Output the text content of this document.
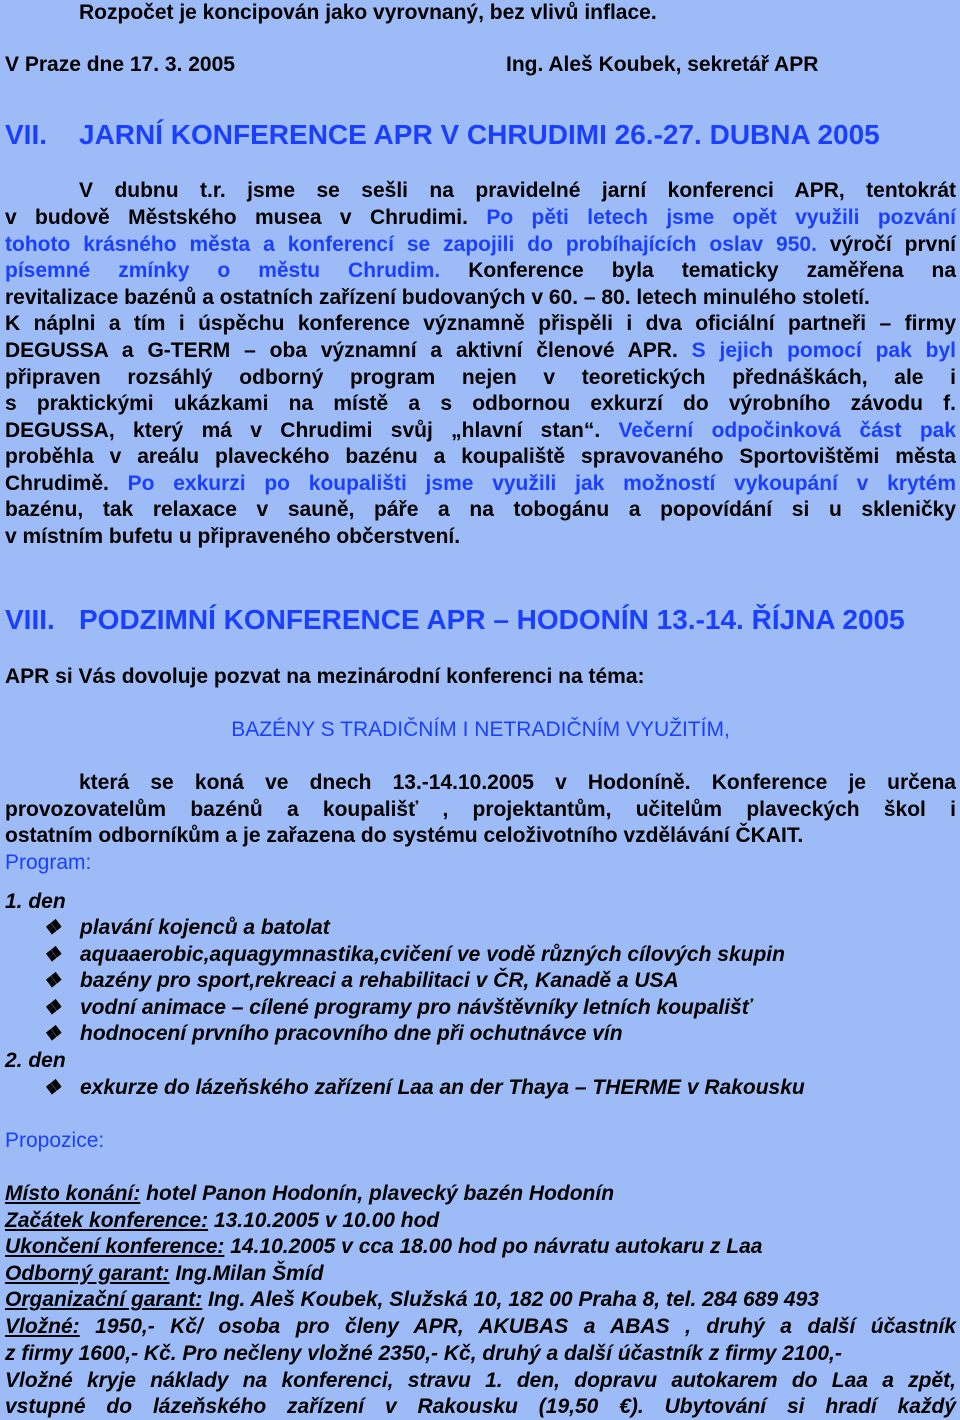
Rozpočet je koncipován jako vyrovnaný, bez vlivů inflace.
V Praze dne 17. 3. 2005	Ing. Aleš Koubek, sekretář APR
VII. JARNÍ KONFERENCE APR V CHRUDIMI 26.-27. DUBNA 2005
V dubnu t.r. jsme se sešli na pravidelné jarní konferenci APR, tentokrát
v budově Městského musea v Chrudimi. Po pěti letech jsme opět využili pozvání
tohoto krásného města a konferencí se zapojili do probíhajících oslav 950. výročí první
písemné zmínky o městu Chrudim. Konference byla tematicky zaměřena na
revitalizace bazénů a ostatních zařízení budovaných v 60. – 80. letech minulého století.
K náplni a tím i úspěchu konference významně přispěli i dva oficiální partneři – firmy
DEGUSSA a G-TERM – oba významní a aktivní členové APR. S jejich pomocí pak byl
připraven rozsáhlý odborný program nejen v teoretických přednáškách, ale i
s praktickými ukázkami na místě a s odbornou exkurzí do výrobního závodu f.
DEGUSSA, který má v Chrudimi svůj „hlavní stan“. Večerní odpočinková část pak
proběhla v areálu plaveckého bazénu a koupaliště spravovaného Sportovištěmi města
Chrudimě. Po exkurzi po koupališti jsme využili jak možností vykoupání v krytém
bazénu, tak relaxace v sauně, páře a na tobogánu a popovídání si u skleničky
v místním bufetu u připraveného občerstvení.
VIII. PODZIMNÍ KONFERENCE APR – HODONÍN 13.-14. ŘÍJNA 2005
APR si Vás dovoluje pozvat na mezinárodní konferenci na téma:
BAZÉNY S TRADIČNÍM I NETRADIČNÍM VYUŽITÍM,
která se koná ve dnech 13.-14.10.2005 v Hodoníně. Konference je určena
provozovatelům bazénů a koupališť , projektantům, učitelům plaveckých škol i
ostatním odborníkům a je zařazena do systému celoživotního vzdělávání ČKAIT.
Program:
1. den
❖ plavání kojenců a batolat
❖ aquaaerobic,aquagymnastika,cvičení ve vodě různých cílových skupin
❖ bazény pro sport,rekreaci a rehabilitaci v ČR, Kanadě a USA
❖ vodní animace – cílené programy pro návštěvníky letních koupališť
❖ hodnocení prvního pracovního dne při ochutnávce vín
2. den
❖ exkurze do lázeňského zařízení Laa an der Thaya – THERME v Rakousku
Propozice:
Místo konání: hotel Panon Hodonín, plavecký bazén Hodonín
Začátek konference: 13.10.2005 v 10.00 hod
Ukončení konference: 14.10.2005 v cca 18.00 hod po návratu autokaru z Laa
Odborný garant: Ing.Milan Šmíd
Organizační garant: Ing. Aleš Koubek, Služská 10, 182 00 Praha 8, tel. 284 689 493
Vložné: 1950,- Kč/ osoba pro členy APR, AKUBAS a ABAS , druhý a další účastník
z firmy 1600,- Kč. Pro nečleny vložné 2350,- Kč, druhý a další účastník z firmy 2100,-
Vložné kryje náklady na konferenci, stravu 1. den, dopravu autokarem do Laa a zpět,
vstupné do lázeňského zařízení v Rakousku (19,50 €). Ubytování si hradí každý
